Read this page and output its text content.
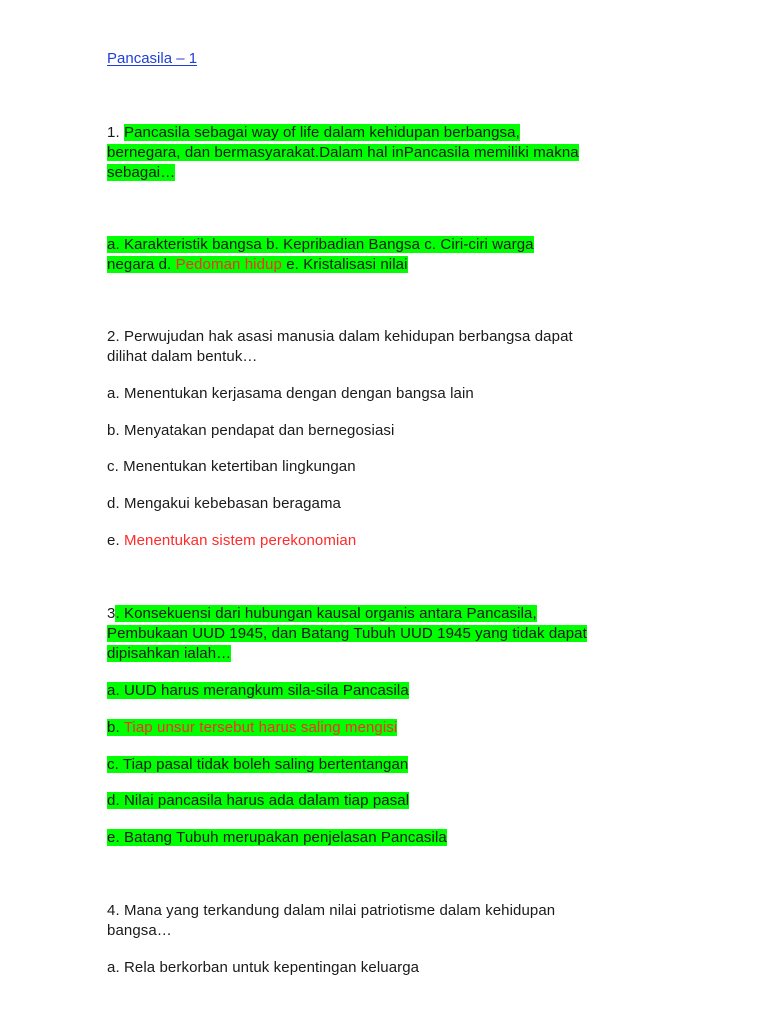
Pancasila – 1
1. Pancasila sebagai way of life dalam kehidupan berbangsa,
bernegara, dan bermasyarakat.Dalam hal inPancasila memiliki makna
sebagai…
a. Karakteristik bangsa b. Kepribadian Bangsa c. Ciri-ciri warga
negara d. Pedoman hidup e. Kristalisasi nilai
2. Perwujudan hak asasi manusia dalam kehidupan berbangsa dapat
dilihat dalam bentuk…
a. Menentukan kerjasama dengan dengan bangsa lain
b. Menyatakan pendapat dan bernegosiasi
c. Menentukan ketertiban lingkungan
d. Mengakui kebebasan beragama
e. Menentukan sistem perekonomian
3. Konsekuensi dari hubungan kausal organis antara Pancasila,
Pembukaan UUD 1945, dan Batang Tubuh UUD 1945 yang tidak dapat
dipisahkan ialah…
a. UUD harus merangkum sila-sila Pancasila
b. Tiap unsur tersebut harus saling mengisi
c. Tiap pasal tidak boleh saling bertentangan
d. Nilai pancasila harus ada dalam tiap pasal
e. Batang Tubuh merupakan penjelasan Pancasila
4. Mana yang terkandung dalam nilai patriotisme dalam kehidupan
bangsa…
a. Rela berkorban untuk kepentingan keluarga
